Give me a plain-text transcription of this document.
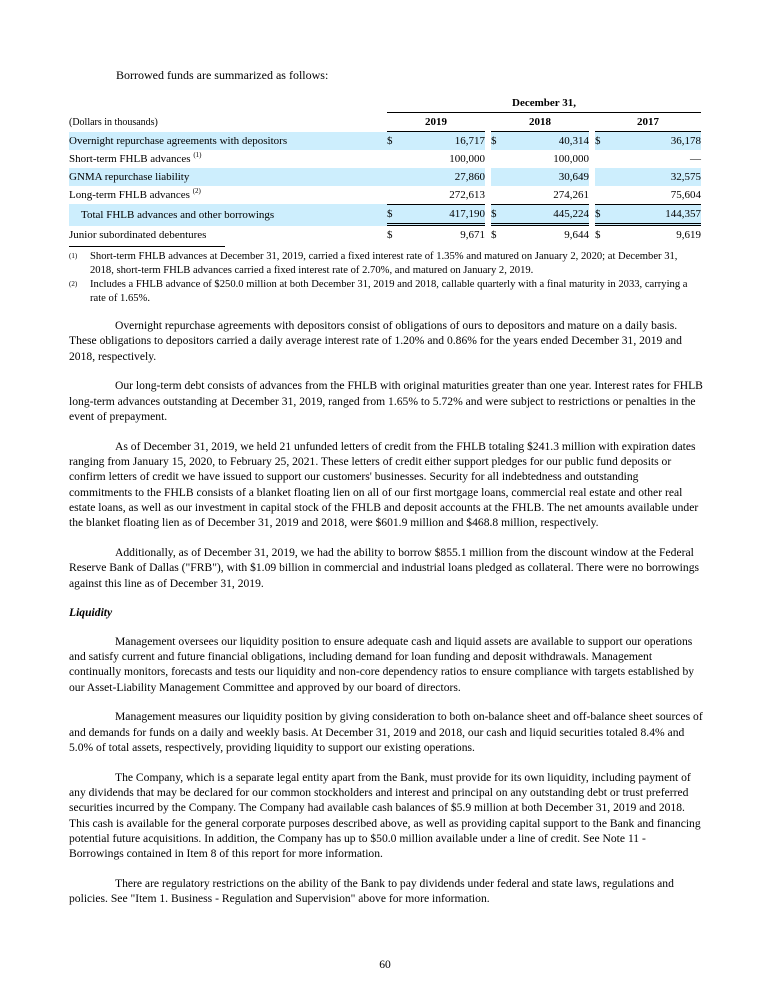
Borrowed funds are summarized as follows:
	December 31,							
(Dollars in thousands)	2019			2018			2017	
Overnight repurchase agreements with depositors	$	16,717		$	40,314		$	36,178
Short-term FHLB advances $^{(1)}$		100,000			100,000			—
GNMA repurchase liability		27,860			30,649			32,575
Long-term FHLB advances $^{(2)}$		272,613			274,261			75,604
Total FHLB advances and other borrowings	$	417,190		$	445,224		$	144,357
Junior subordinated debentures	$	9,671		$	9,644		$	9,619
(1)	Short-term FHLB advances at December 31, 2019, carried a fixed interest rate of 1.35% and matured on January 2, 2020; at December 31, 2018, short-term FHLB advances carried a fixed interest rate of 2.70%, and matured on January 2, 2019.
(2)	Includes a FHLB advance of $250.0 million at both December 31, 2019 and 2018, callable quarterly with a final maturity in 2033, carrying a rate of 1.65%.

Overnight repurchase agreements with depositors consist of obligations of ours to depositors and mature on a daily basis. These obligations to depositors carried a daily average interest rate of 1.20% and 0.86% for the years ended December 31, 2019 and 2018, respectively.

Our long-term debt consists of advances from the FHLB with original maturities greater than one year. Interest rates for FHLB long-term advances outstanding at December 31, 2019, ranged from 1.65% to 5.72% and were subject to restrictions or penalties in the event of prepayment.

As of December 31, 2019, we held 21 unfunded letters of credit from the FHLB totaling $241.3 million with expiration dates ranging from January 15, 2020, to February 25, 2021. These letters of credit either support pledges for our public fund deposits or confirm letters of credit we have issued to support our customers' businesses. Security for all indebtedness and outstanding commitments to the FHLB consists of a blanket floating lien on all of our first mortgage loans, commercial real estate and other real estate loans, as well as our investment in capital stock of the FHLB and deposit accounts at the FHLB. The net amounts available under the blanket floating lien as of December 31, 2019 and 2018, were $601.9 million and $468.8 million, respectively.

Additionally, as of December 31, 2019, we had the ability to borrow $855.1 million from the discount window at the Federal Reserve Bank of Dallas ("FRB"), with $1.09 billion in commercial and industrial loans pledged as collateral. There were no borrowings against this line as of December 31, 2019.

Liquidity

Management oversees our liquidity position to ensure adequate cash and liquid assets are available to support our operations and satisfy current and future financial obligations, including demand for loan funding and deposit withdrawals. Management continually monitors, forecasts and tests our liquidity and non-core dependency ratios to ensure compliance with targets established by our Asset-Liability Management Committee and approved by our board of directors.

Management measures our liquidity position by giving consideration to both on-balance sheet and off-balance sheet sources of and demands for funds on a daily and weekly basis. At December 31, 2019 and 2018, our cash and liquid securities totaled 8.4% and 5.0% of total assets, respectively, providing liquidity to support our existing operations.

The Company, which is a separate legal entity apart from the Bank, must provide for its own liquidity, including payment of any dividends that may be declared for our common stockholders and interest and principal on any outstanding debt or trust preferred securities incurred by the Company. The Company had available cash balances of $5.9 million at both December 31, 2019 and 2018. This cash is available for the general corporate purposes described above, as well as providing capital support to the Bank and financing potential future acquisitions. In addition, the Company has up to $50.0 million available under a line of credit. See Note 11 - Borrowings contained in Item 8 of this report for more information.

There are regulatory restrictions on the ability of the Bank to pay dividends under federal and state laws, regulations and policies. See "Item 1. Business - Regulation and Supervision" above for more information.

60
